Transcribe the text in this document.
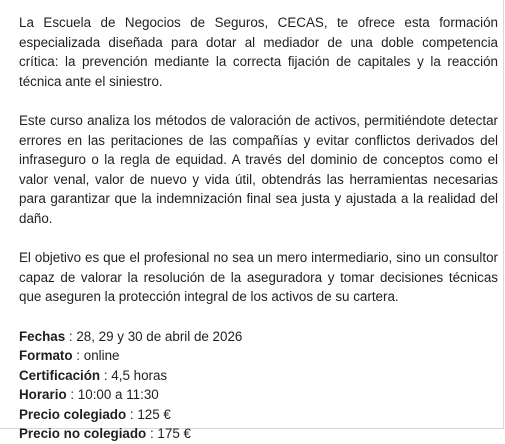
La Escuela de Negocios de Seguros, CECAS, te ofrece esta formación especializada diseñada para dotar al mediador de una doble competencia crítica: la prevención mediante la correcta fijación de capitales y la reacción técnica ante el siniestro.

Este curso analiza los métodos de valoración de activos, permitiéndote detectar errores en las peritaciones de las compañías y evitar conflictos derivados del infraseguro o la regla de equidad. A través del dominio de conceptos como el valor venal, valor de nuevo y vida útil, obtendrás las herramientas necesarias para garantizar que la indemnización final sea justa y ajustada a la realidad del daño.

El objetivo es que el profesional no sea un mero intermediario, sino un consultor capaz de valorar la resolución de la aseguradora y tomar decisiones técnicas que aseguren la protección integral de los activos de su cartera.

Fechas : 28, 29 y 30 de abril de 2026
Formato : online
Certificación : 4,5 horas
Horario : 10:00 a 11:30
Precio colegiado : 125 €
Precio no colegiado : 175 €
